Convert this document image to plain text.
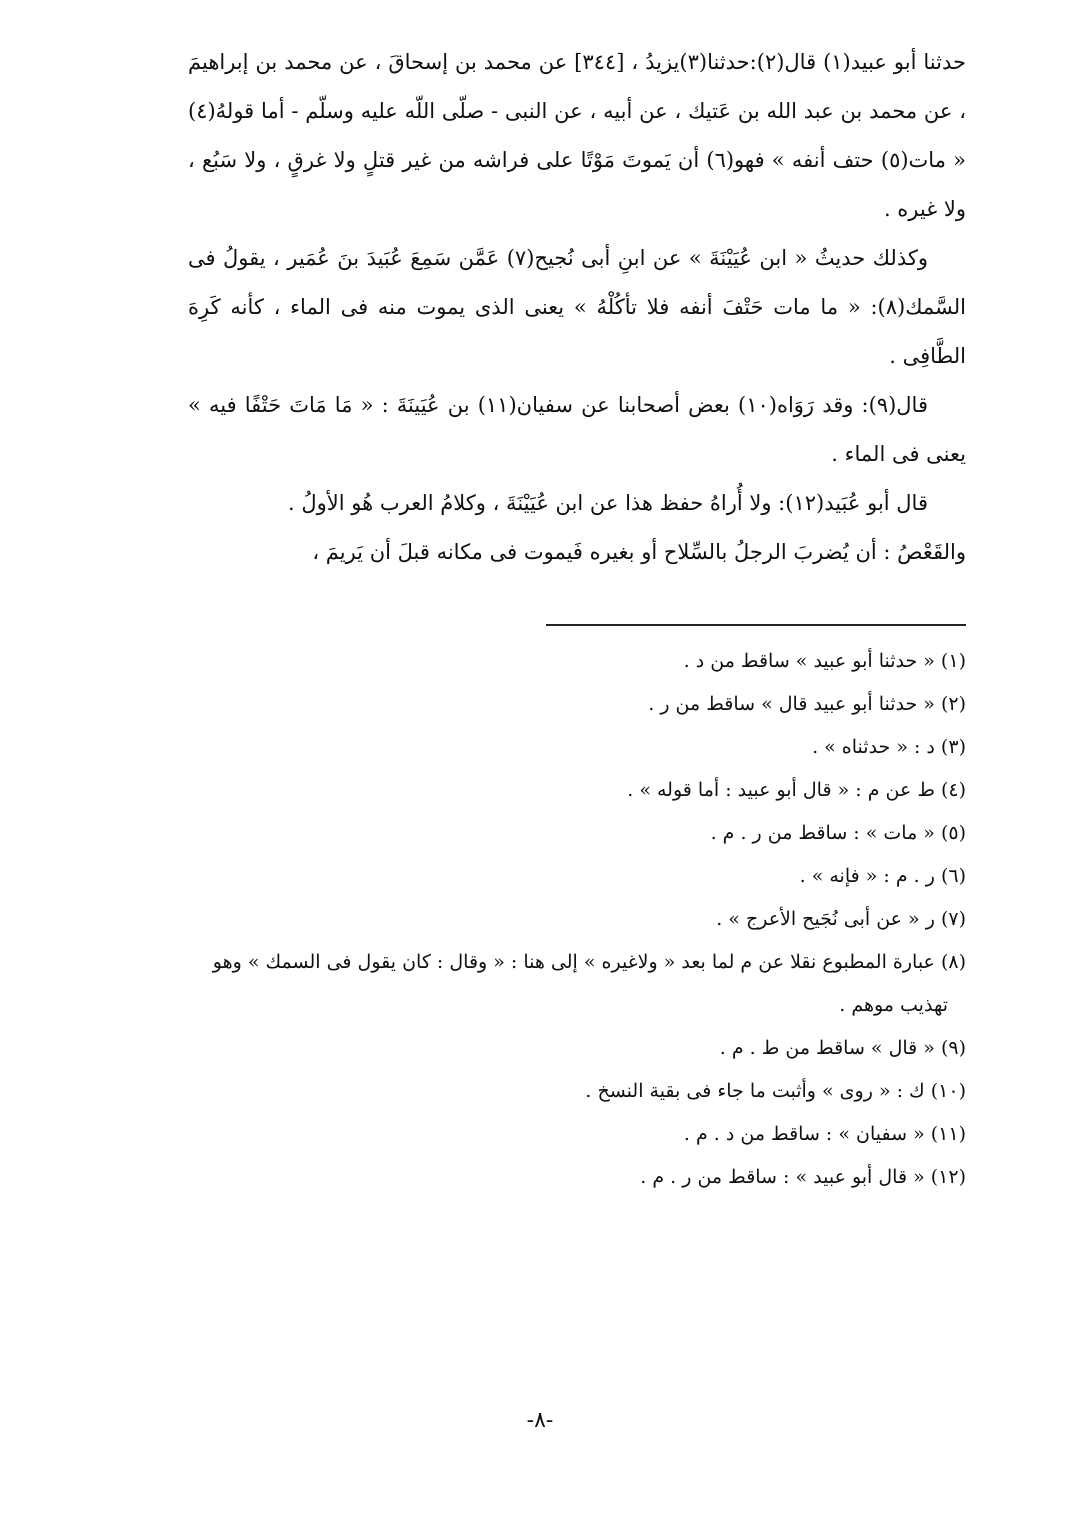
حدثنا أبو عبيد(١) قال(٢):حدثنا(٣)يزيدُ ، [٣٤٤] عن محمد بن إسحاقَ ، عن محمد بن إبراهيمَ ، عن محمد بن عبد الله بن عَتيك ، عن أبيه ، عن النبى - صلّى اللّه عليه وسلّم - أما قولهُ(٤) « مات(٥) حتف أنفه » فهو(٦) أن يَموتَ مَوْتًا على فراشه من غير قتلٍ ولا غرقٍ ، ولا سَبُع ، ولا غيره .

وكذلك حديثُ « ابن عُيَيْنَةَ » عن ابنِ أبى نُجيح(٧) عَمَّن سَمِعَ عُبَيدَ بنَ عُمَير ، يقولُ فى السَّمك(٨): « ما مات حَتْفَ أنفه فلا تأكُلْهُ » يعنى الذى يموت منه فى الماء ، كأنه كَرِهَ الطَّافِى .

قال(٩): وقد رَوَاه(١٠) بعض أصحابنا عن سفيان(١١) بن عُيَينَةَ : « مَا مَاتَ حَتْفًا فيه » يعنى فى الماء .

قال أبو عُبَيد(١٢): ولا أُراهُ حفظ هذا عن ابن عُيَيْنَةَ ، وكلامُ العرب هُو الأولُ .

والقَعْصُ : أن يُضربَ الرجلُ بالسِّلاح أو بغيره فَيموت فى مكانه قبلَ أن يَريمَ ،

(١) « حدثنا أبو عبيد » ساقط من د .

(٢) « حدثنا أبو عبيد قال » ساقط من ر .

(٣) د : « حدثناه » .

(٤) ط عن م : « قال أبو عبيد : أما قوله » .

(٥) « مات » : ساقط من ر . م .

(٦) ر . م : « فإنه » .

(٧) ر « عن أبى نُجَيح الأعرج » .

(٨) عبارة المطبوع نقلا عن م لما بعد « ولاغيره » إلى هنا : « وقال : كان يقول فى السمك » وهو تهذيب موهم .

(٩) « قال » ساقط من ط . م .

(١٠) ك : « روى » وأثبت ما جاء فى بقية النسخ .

(١١) « سفيان » : ساقط من د . م .

(١٢) « قال أبو عبيد » : ساقط من ر . م .

-٨-
